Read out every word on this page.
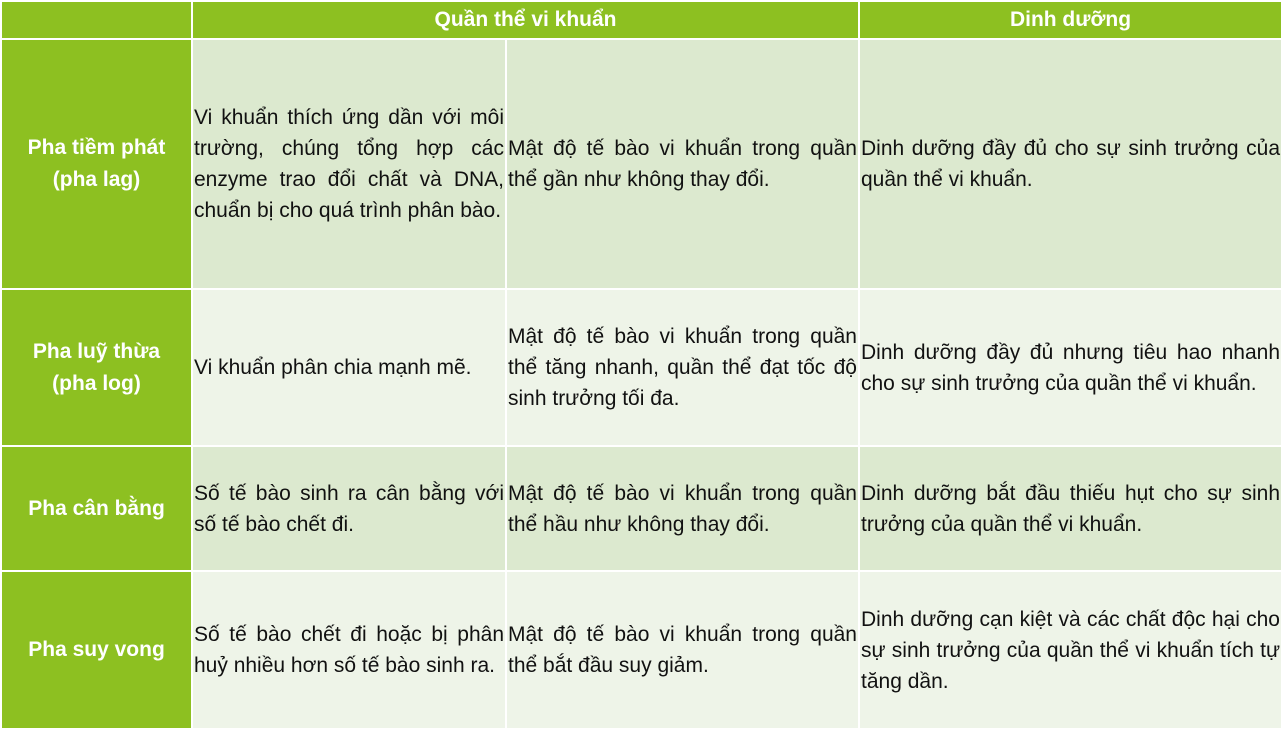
	Quần thể vi khuẩn		Dinh dưỡng
Pha tiềm phát (pha lag)	Vi khuẩn thích ứng dần với môi trường, chúng tổng hợp các enzyme trao đổi chất và DNA, chuẩn bị cho quá trình phân bào.	Mật độ tế bào vi khuẩn trong quần thể gần như không thay đổi.	Dinh dưỡng đầy đủ cho sự sinh trưởng của quần thể vi khuẩn.
Pha luỹ thừa (pha log)	Vi khuẩn phân chia mạnh mẽ.	Mật độ tế bào vi khuẩn trong quần thể tăng nhanh, quần thể đạt tốc độ sinh trưởng tối đa.	Dinh dưỡng đầy đủ nhưng tiêu hao nhanh cho sự sinh trưởng của quần thể vi khuẩn.
Pha cân bằng	Số tế bào sinh ra cân bằng với số tế bào chết đi.	Mật độ tế bào vi khuẩn trong quần thể hầu như không thay đổi.	Dinh dưỡng bắt đầu thiếu hụt cho sự sinh trưởng của quần thể vi khuẩn.
Pha suy vong	Số tế bào chết đi hoặc bị phân huỷ nhiều hơn số tế bào sinh ra.	Mật độ tế bào vi khuẩn trong quần thể bắt đầu suy giảm.	Dinh dưỡng cạn kiệt và các chất độc hại cho sự sinh trưởng của quần thể vi khuẩn tích tự tăng dần.
